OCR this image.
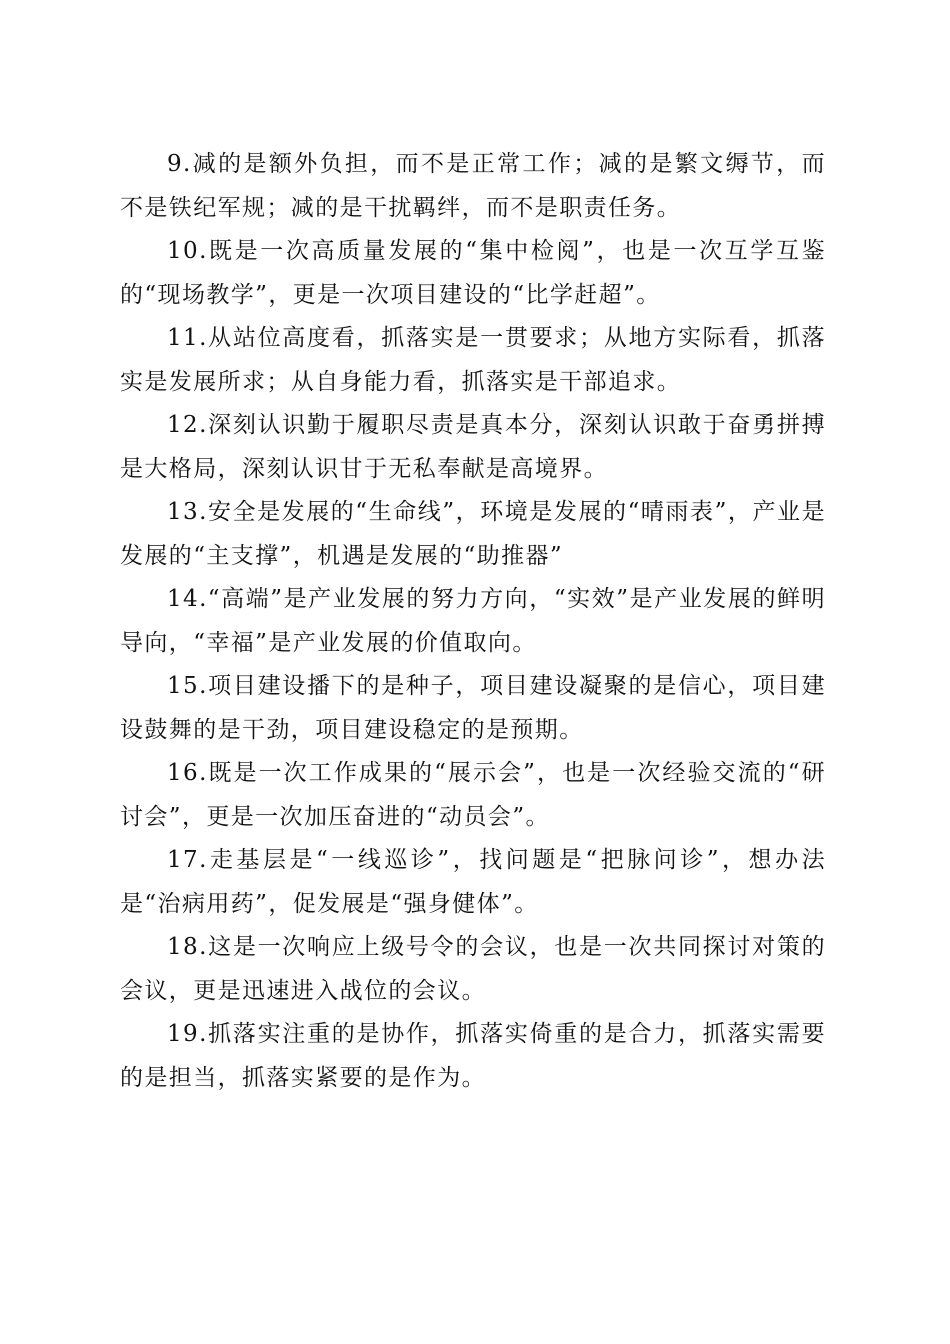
9.减的是额外负担，而不是正常工作；减的是繁文缛节，而不是铁纪军规；减的是干扰羁绊，而不是职责任务。

10.既是一次高质量发展的“集中检阅”，也是一次互学互鉴的“现场教学”，更是一次项目建设的“比学赶超”。

11.从站位高度看，抓落实是一贯要求；从地方实际看，抓落实是发展所求；从自身能力看，抓落实是干部追求。

12.深刻认识勤于履职尽责是真本分，深刻认识敢于奋勇拼搏是大格局，深刻认识甘于无私奉献是高境界。

13.安全是发展的“生命线”，环境是发展的“晴雨表”，产业是发展的“主支撑”，机遇是发展的“助推器”

14.“高端”是产业发展的努力方向，“实效”是产业发展的鲜明导向，“幸福”是产业发展的价值取向。

15.项目建设播下的是种子，项目建设凝聚的是信心，项目建设鼓舞的是干劲，项目建设稳定的是预期。

16.既是一次工作成果的“展示会”，也是一次经验交流的“研讨会”，更是一次加压奋进的“动员会”。

17.走基层是“一线巡诊”，找问题是“把脉问诊”，想办法是“治病用药”，促发展是“强身健体”。

18.这是一次响应上级号令的会议，也是一次共同探讨对策的会议，更是迅速进入战位的会议。

19.抓落实注重的是协作，抓落实倚重的是合力，抓落实需要的是担当，抓落实紧要的是作为。
